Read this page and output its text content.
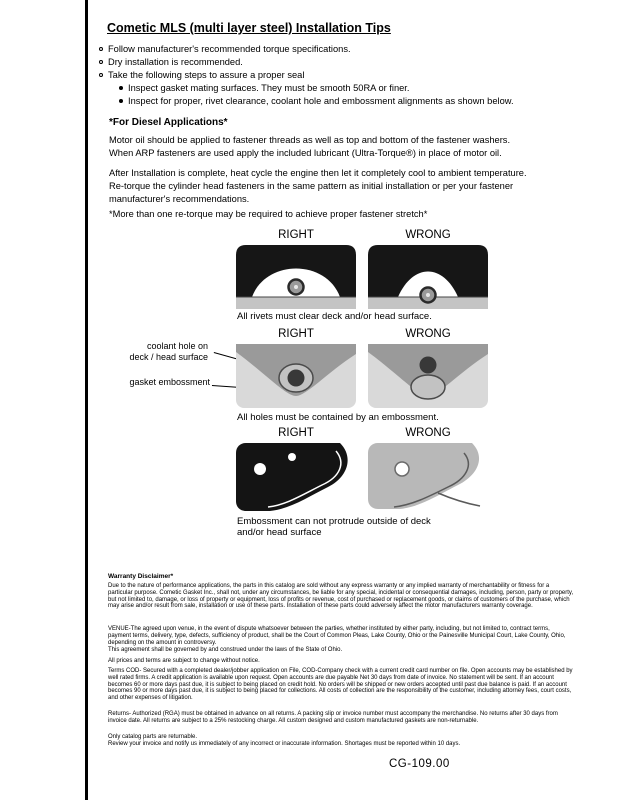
Cometic MLS (multi layer steel) Installation Tips
Follow manufacturer's recommended torque specifications.
Dry installation is recommended.
Take the following steps to assure a proper seal
Inspect gasket mating surfaces. They must be smooth 50RA or finer.
Inspect for proper, rivet clearance, coolant hole and embossment alignments as shown below.
*For Diesel Applications*
Motor oil should be applied to fastener threads as well as top and bottom of the fastener washers. When ARP fasteners are used apply the included lubricant (Ultra-Torque®) in place of motor oil.
After Installation is complete, heat cycle the engine then let it completely cool to ambient temperature. Re-torque the cylinder head fasteners in the same pattern as initial installation or per your fastener manufacturer's recommendations.
*More than one re-torque may be required to achieve proper fastener stretch*
RIGHT	WRONG
All rivets must clear deck and/or head surface.
RIGHT	WRONG
coolant hole on deck / head surface
gasket embossment
All holes must be contained by an embossment.
RIGHT	WRONG
Embossment can not protrude outside of deck and/or head surface
Warranty Disclaimer*
Due to the nature of performance applications, the parts in this catalog are sold without any express warranty or any implied warranty of merchantability or fitness for a particular purpose. Cometic Gasket Inc., shall not, under any circumstances, be liable for any special, incidental or consequential damages, including, person, party or property, but not limited to, damage, or loss of property or equipment, loss of profits or revenue, cost of purchased or replacement goods, or claims of customers of the purchase, which may arise and/or result from sale, installation or use of these parts. Installation of these parts could adversely affect the motor manufacturers warranty coverage.
VENUE-The agreed upon venue, in the event of dispute whatsoever between the parties, whether instituted by either party, including, but not limited to, contract terms, payment terms, delivery, type, defects, sufficiency of product, shall be the Court of Common Pleas, Lake County, Ohio or the Painesville Municipal Court, Lake County, Ohio, depending on the amount in controversy.
This agreement shall be governed by and construed under the laws of the State of Ohio.
All prices and terms are subject to change without notice.
Terms COD- Secured with a completed dealer/jobber application on File, COD-Company check with a current credit card number on file. Open accounts may be established by well rated firms. A credit application is available upon request. Open accounts are due payable Net 30 days from date of invoice. No statement will be sent. If an account becomes 60 or more days past due, it is subject to being placed on credit hold. No orders will be shipped or new orders accepted until past due balance is paid. If an account becomes 90 or more days past due, it is subject to being placed for collections. All costs of collection are the responsibility of the customer, including attorney fees, court costs, and other expenses of litigation.
Returns- Authorized (RGA) must be obtained in advance on all returns. A packing slip or invoice number must accompany the merchandise. No returns after 30 days from invoice date. All returns are subject to a 25% restocking charge. All custom designed and custom manufactured gaskets are non-returnable.
Only catalog parts are returnable.
Review your invoice and notify us immediately of any incorrect or inaccurate information. Shortages must be reported within 10 days.
CG-109.00
